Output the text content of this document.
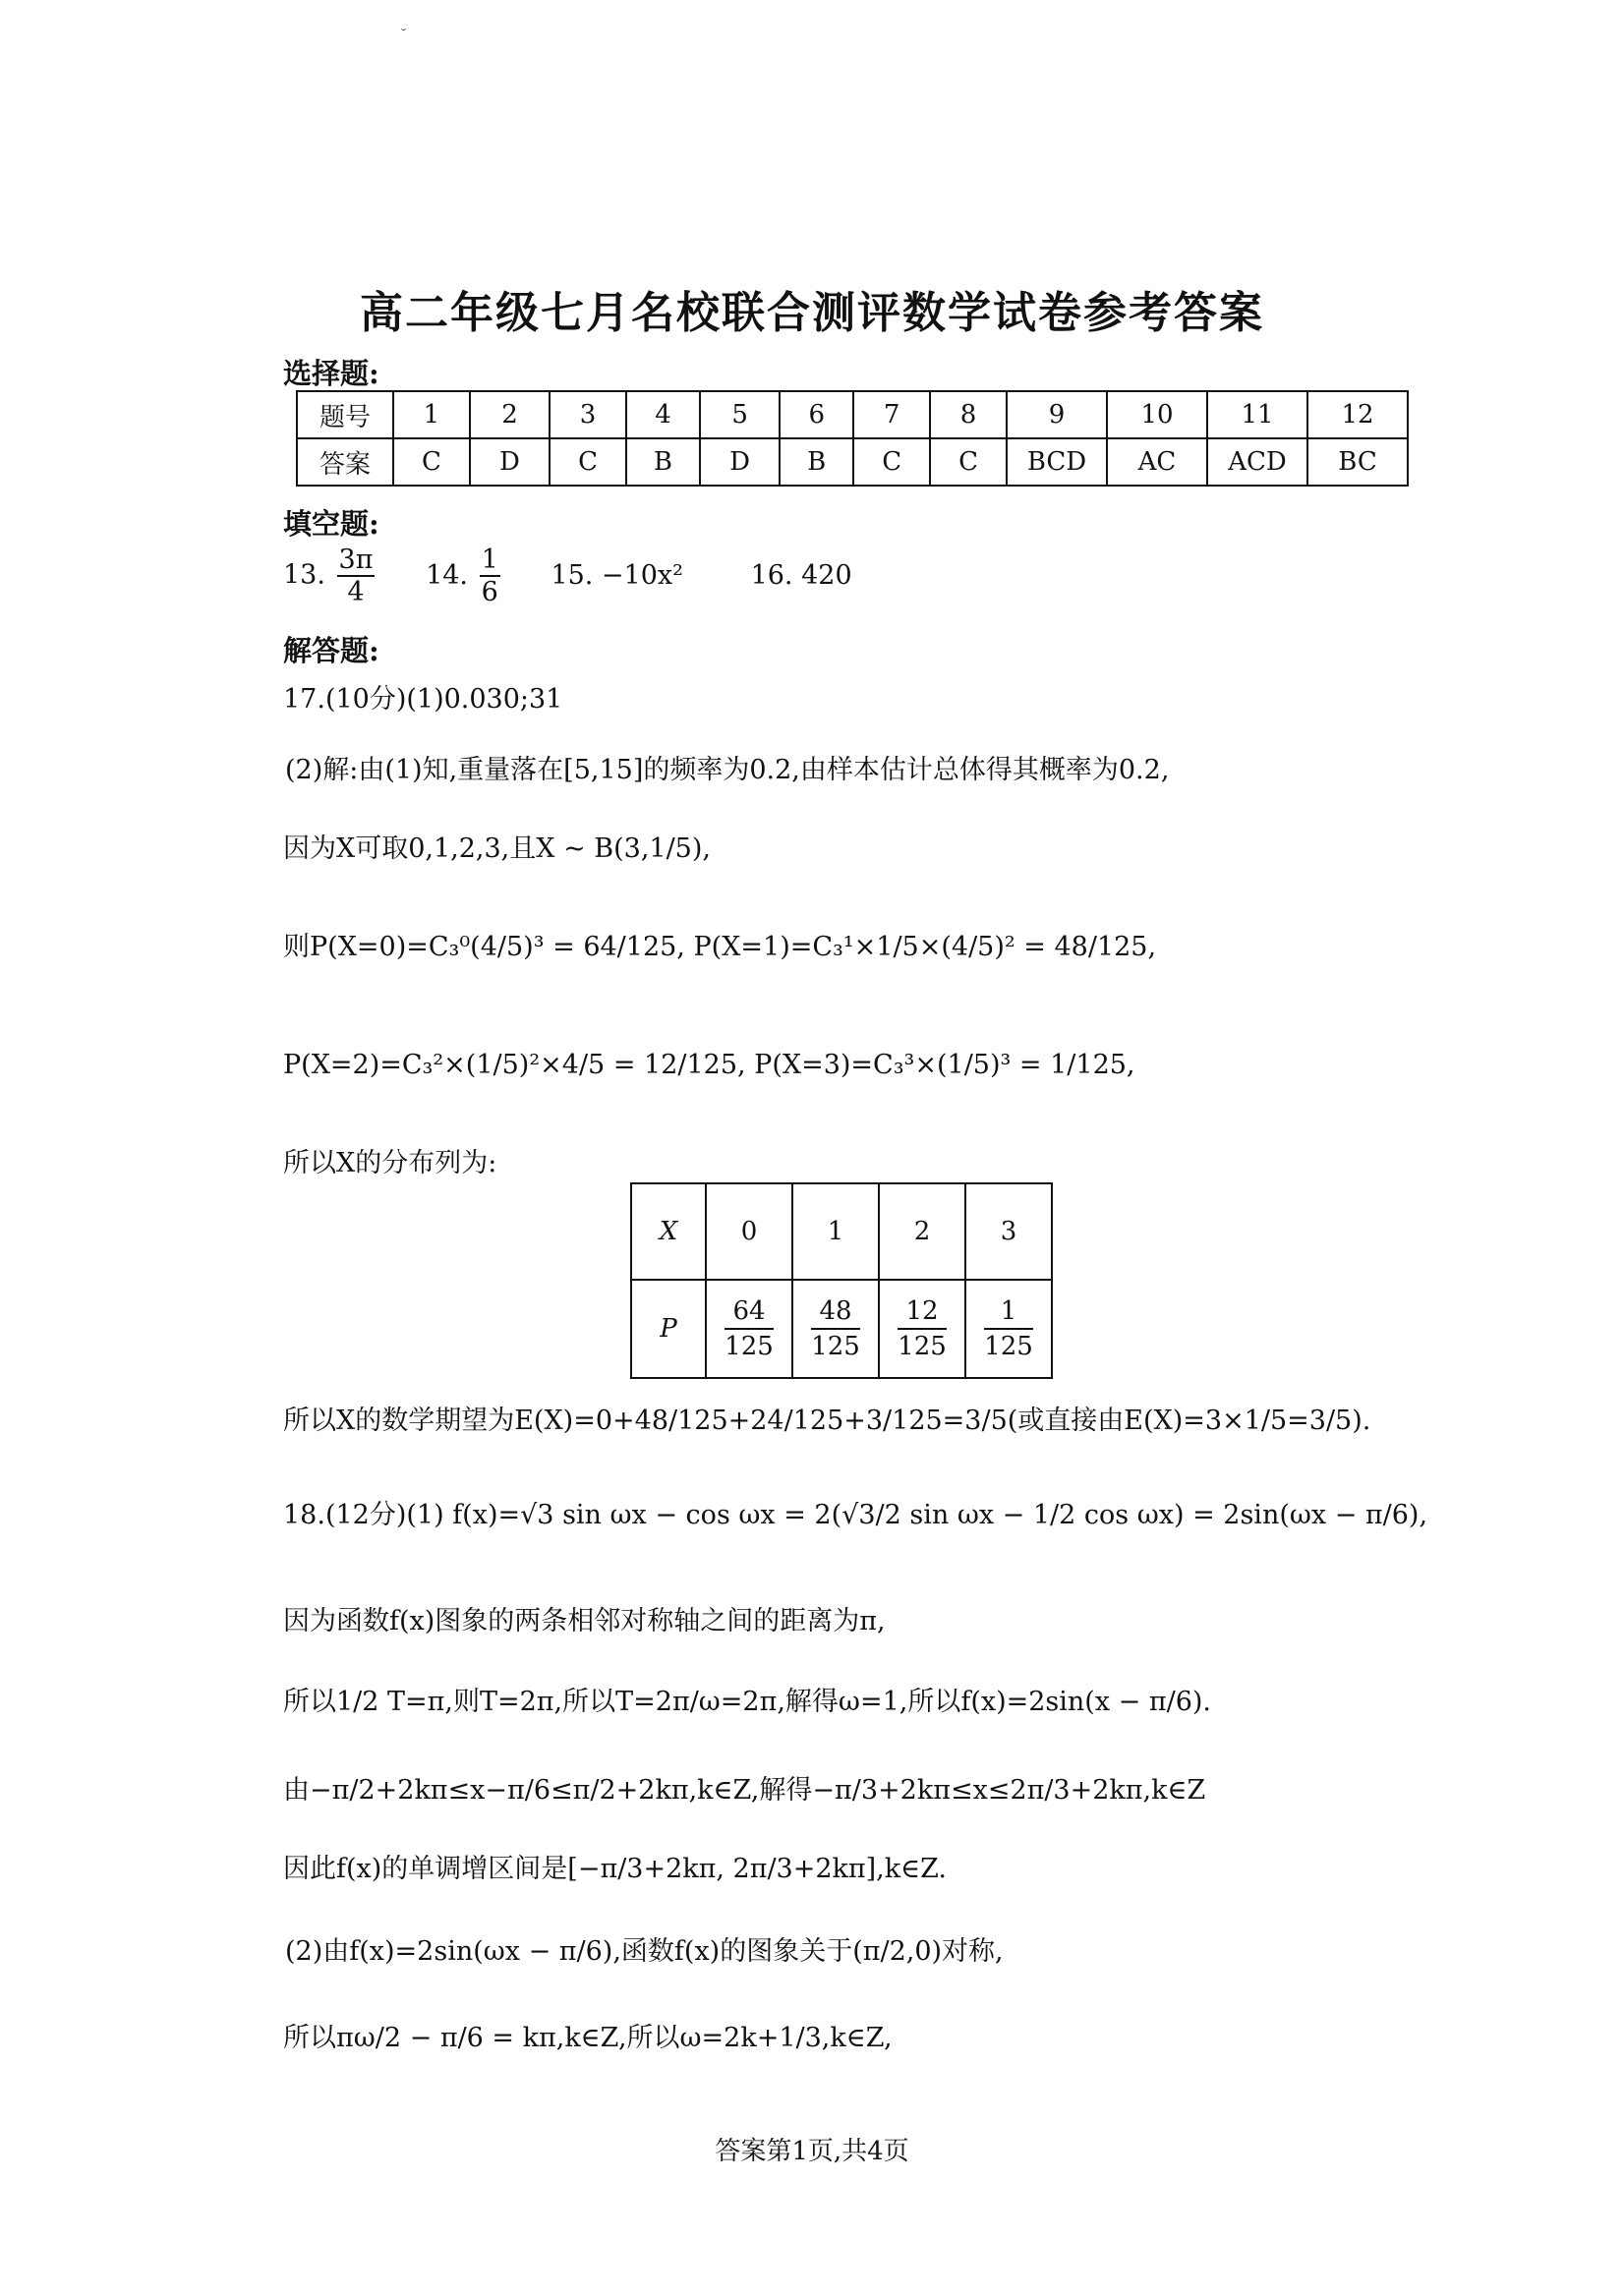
˘
高二年级七月名校联合测评数学试卷参考答案
选择题:
题号	1	2	3	4	5	6	7	8	9	10	11	12
答案	C	D	C	B	D	B	C	C	BCD	AC	ACD	BC
填空题:
13. $\frac{3\pi}{4} 14$. $\frac{1}{6} 15$. −10x²	16. 420
解答题:
17.(10分)(1)0.030;31
(2)解:由(1)知,重量落在[5,15]的频率为0.2,由样本估计总体得其概率为0.2,
因为X可取0,1,2,3,且X ~ B(3,1/5),
则P(X=0)=C₃⁰(4/5)³ = 64/125, P(X=1)=C₃¹×1/5×(4/5)² = 48/125,
P(X=2)=C₃²×(1/5)²×4/5 = 12/125, P(X=3)=C₃³×(1/5)³ = 1/125,
所以X的分布列为:
X	0	1	2	3
P	$\frac{64}{125}$	$\frac{48}{125}$	$\frac{12}{125}$	$\frac{1}{125}$
所以X的数学期望为E(X)=0+48/125+24/125+3/125=3/5(或直接由E(X)=3×1/5=3/5).
18.(12分)(1) f(x)=√3 sin ωx − cos ωx = 2(√3/2 sin ωx − 1/2 cos ωx) = 2sin(ωx − π/6),
因为函数f(x)图象的两条相邻对称轴之间的距离为π,
所以1/2 T=π,则T=2π,所以T=2π/ω=2π,解得ω=1,所以f(x)=2sin(x − π/6).
由−π/2+2kπ≤x−π/6≤π/2+2kπ,k∈Z,解得−π/3+2kπ≤x≤2π/3+2kπ,k∈Z
因此f(x)的单调增区间是[−π/3+2kπ, 2π/3+2kπ],k∈Z.
(2)由f(x)=2sin(ωx − π/6),函数f(x)的图象关于(π/2,0)对称,
所以πω/2 − π/6 = kπ,k∈Z,所以ω=2k+1/3,k∈Z,
答案第1页,共4页
